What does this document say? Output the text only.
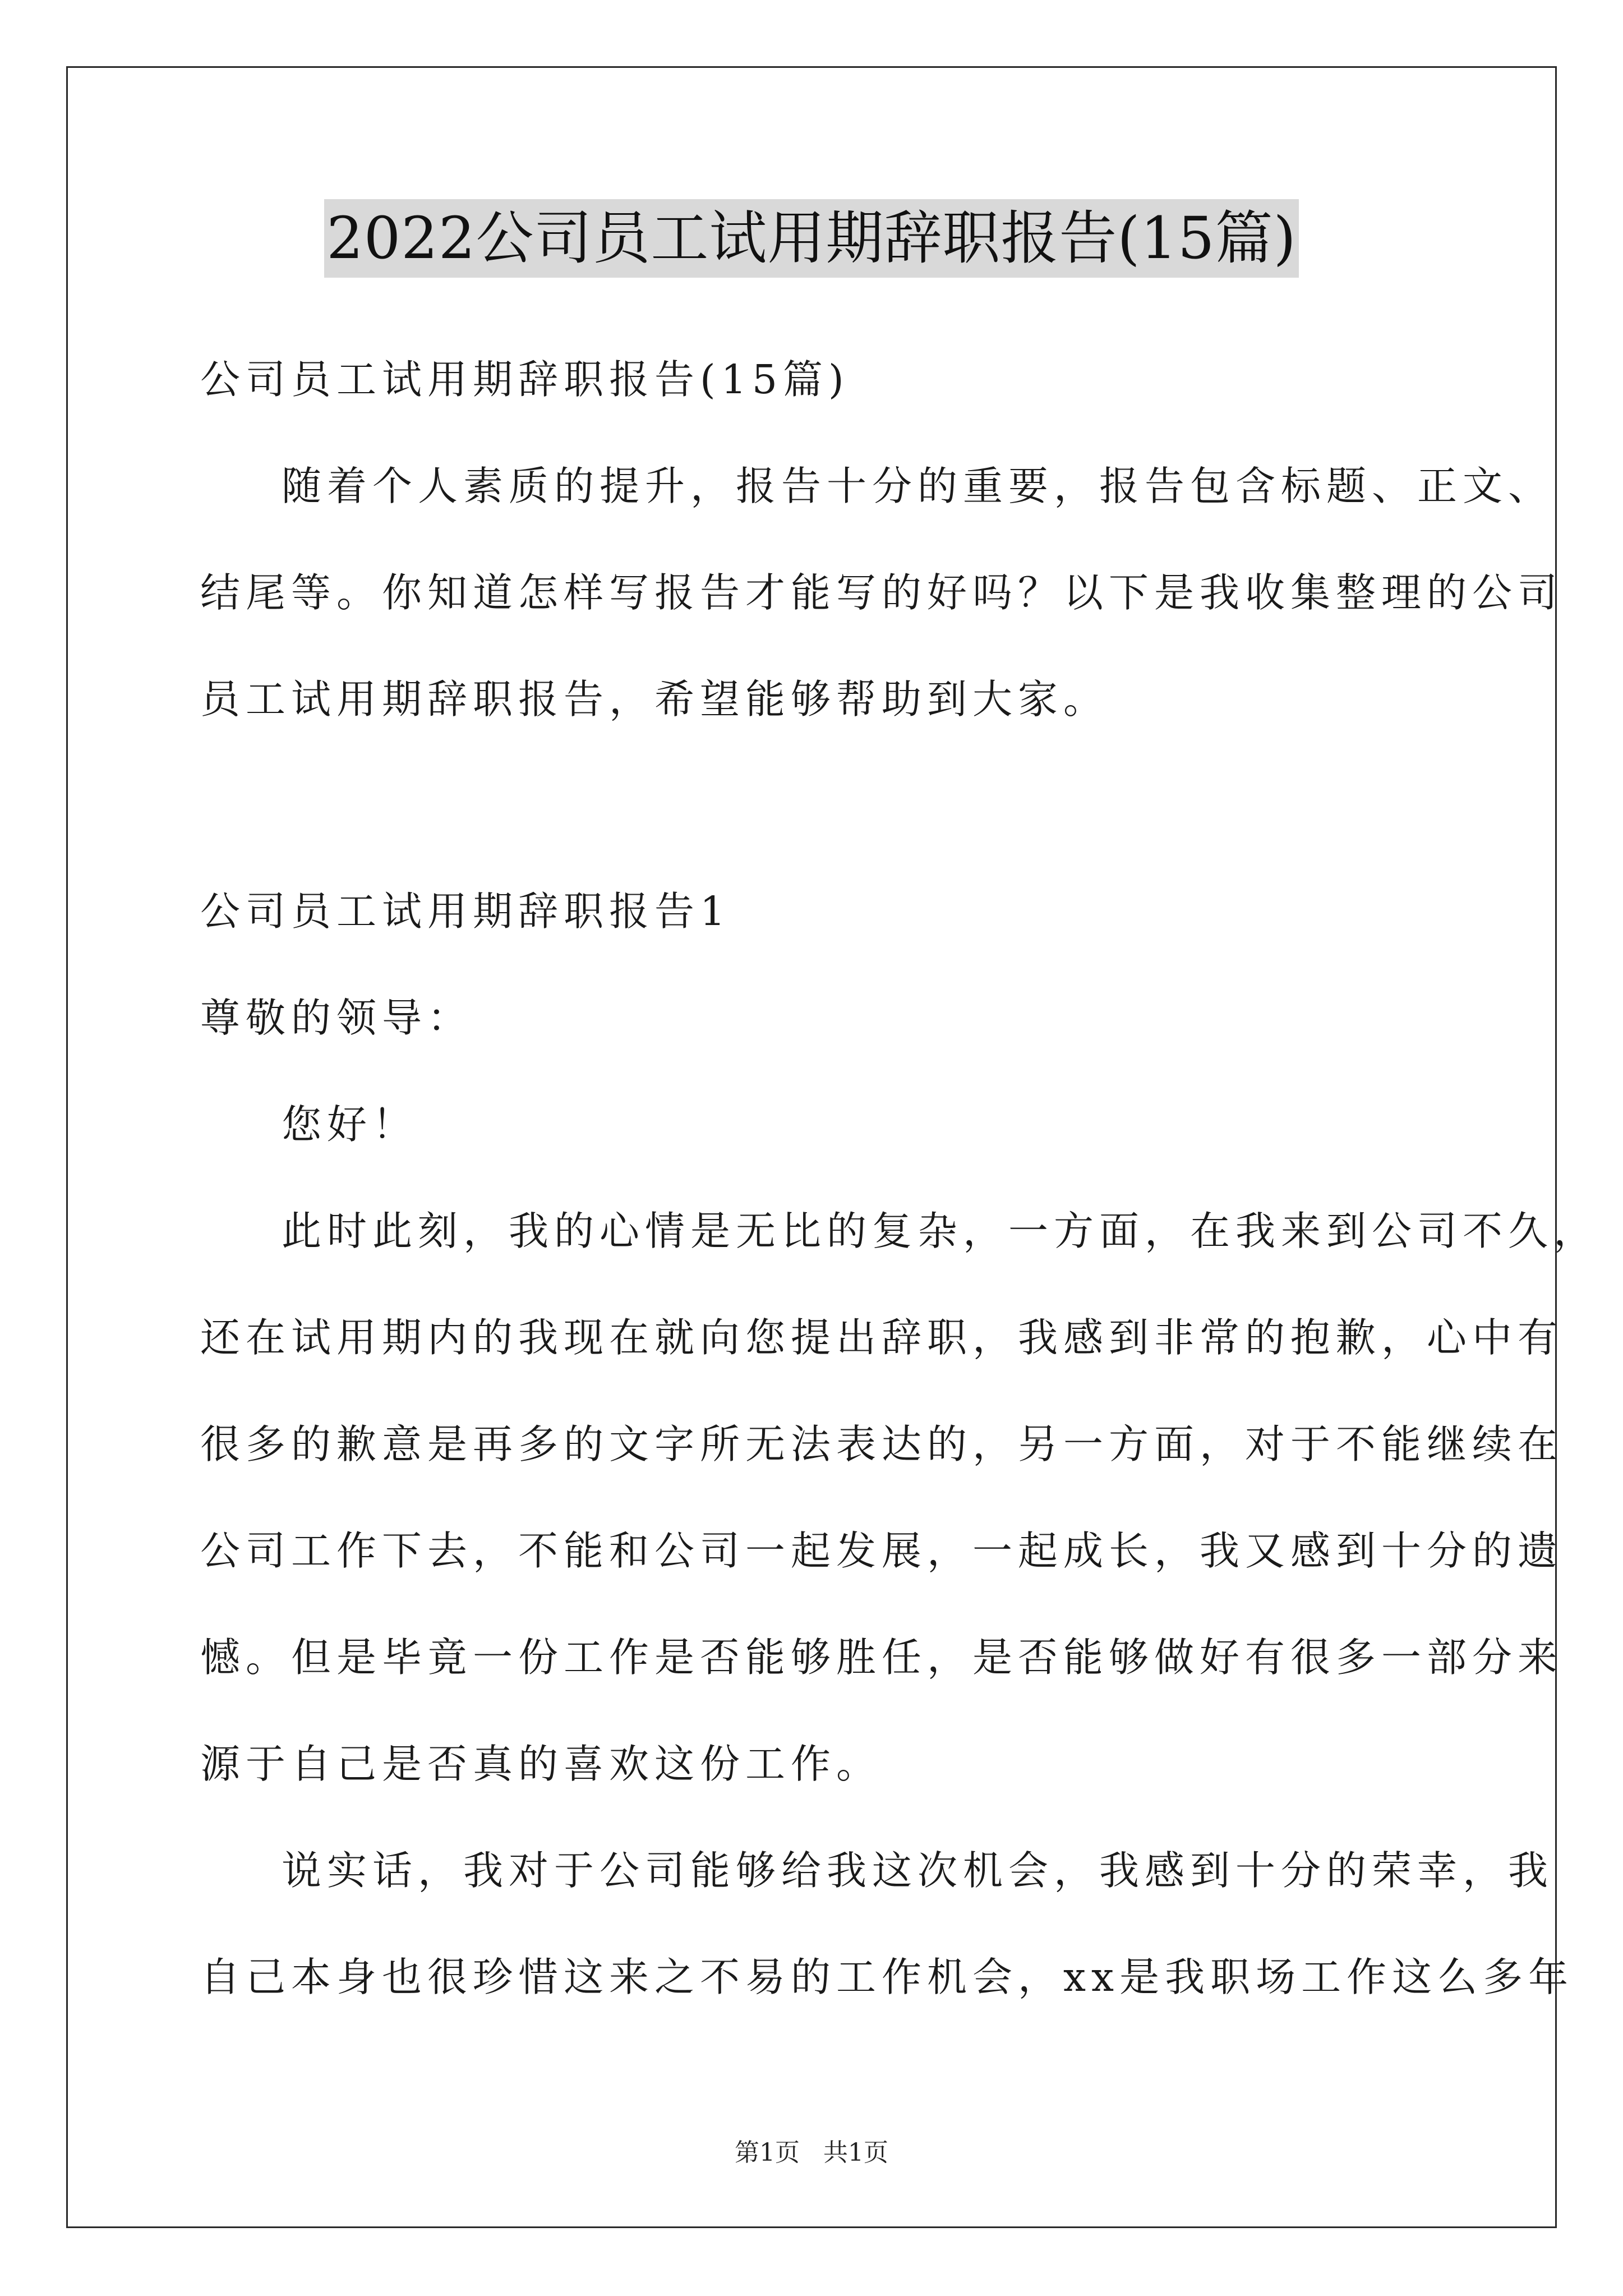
2022公司员工试用期辞职报告(15篇)
公司员工试用期辞职报告(15篇)
随着个人素质的提升，报告十分的重要，报告包含标题、正文、
结尾等。你知道怎样写报告才能写的好吗？以下是我收集整理的公司
员工试用期辞职报告，希望能够帮助到大家。
公司员工试用期辞职报告1
尊敬的领导：
您好！
此时此刻，我的心情是无比的复杂，一方面，在我来到公司不久，
还在试用期内的我现在就向您提出辞职，我感到非常的抱歉，心中有
很多的歉意是再多的文字所无法表达的，另一方面，对于不能继续在
公司工作下去，不能和公司一起发展，一起成长，我又感到十分的遗
憾。但是毕竟一份工作是否能够胜任，是否能够做好有很多一部分来
源于自己是否真的喜欢这份工作。
说实话，我对于公司能够给我这次机会，我感到十分的荣幸，我
自己本身也很珍惜这来之不易的工作机会，xx是我职场工作这么多年
第1页   共1页
